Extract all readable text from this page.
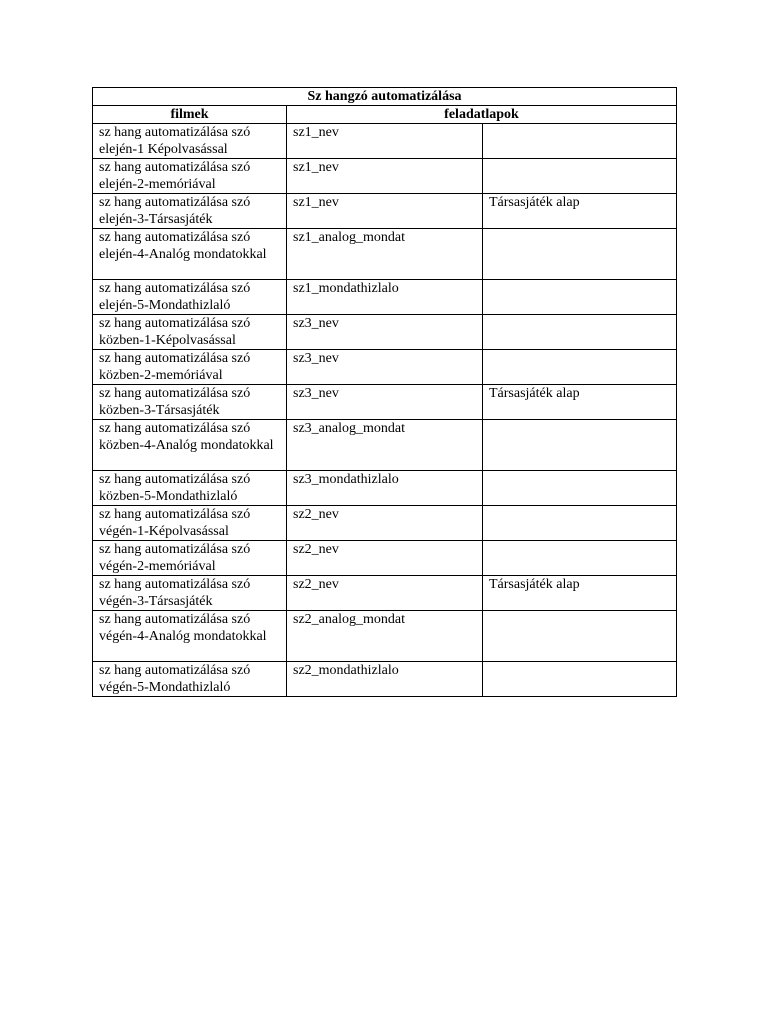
Sz hangzó automatizálása		
filmek	feladatlapok	
sz hang automatizálása szó elején-1 Képolvasással	sz1_nev	
sz hang automatizálása szó elején-2-memóriával	sz1_nev	
sz hang automatizálása szó elején-3-Társasjáték	sz1_nev	Társasjáték alap
sz hang automatizálása szó elején-4-Analóg mondatokkal	sz1_analog_mondat	
sz hang automatizálása szó elején-5-Mondathizlaló	sz1_mondathizlalo	
sz hang automatizálása szó közben-1-Képolvasással	sz3_nev	
sz hang automatizálása szó közben-2-memóriával	sz3_nev	
sz hang automatizálása szó közben-3-Társasjáték	sz3_nev	Társasjáték alap
sz hang automatizálása szó közben-4-Analóg mondatokkal	sz3_analog_mondat	
sz hang automatizálása szó közben-5-Mondathizlaló	sz3_mondathizlalo	
sz hang automatizálása szó végén-1-Képolvasással	sz2_nev	
sz hang automatizálása szó végén-2-memóriával	sz2_nev	
sz hang automatizálása szó végén-3-Társasjáték	sz2_nev	Társasjáték alap
sz hang automatizálása szó végén-4-Analóg mondatokkal	sz2_analog_mondat	
sz hang automatizálása szó végén-5-Mondathizlaló	sz2_mondathizlalo	
